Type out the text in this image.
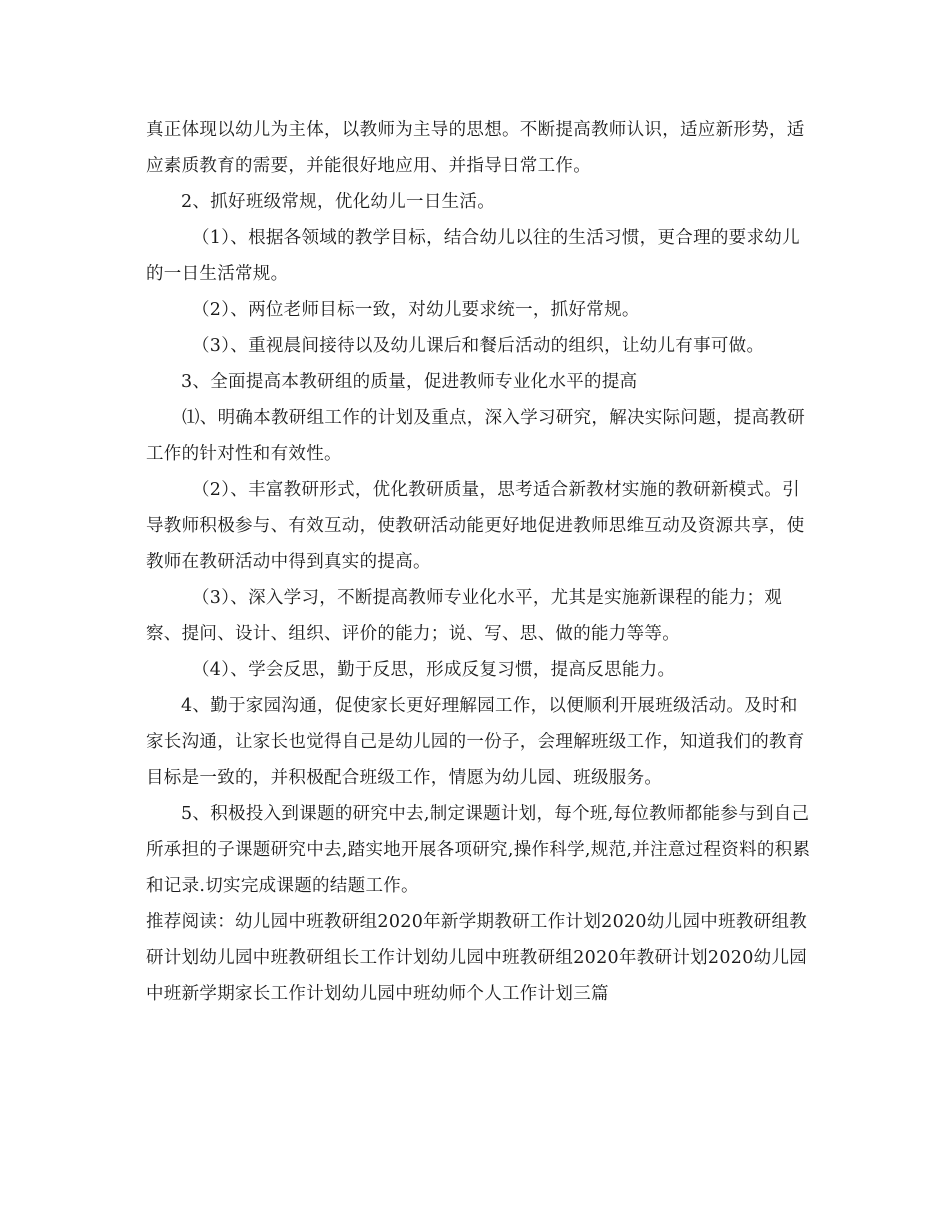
真正体现以幼儿为主体，以教师为主导的思想。不断提高教师认识，适应新形势，适应素质教育的需要，并能很好地应用、并指导日常工作。

2、抓好班级常规，优化幼儿一日生活。

（1）、根据各领域的教学目标，结合幼儿以往的生活习惯，更合理的要求幼儿的一日生活常规。

（2）、两位老师目标一致，对幼儿要求统一，抓好常规。

（3）、重视晨间接待以及幼儿课后和餐后活动的组织，让幼儿有事可做。

3、全面提高本教研组的质量，促进教师专业化水平的提高

⑴、明确本教研组工作的计划及重点，深入学习研究，解决实际问题，提高教研工作的针对性和有效性。

（2）、丰富教研形式，优化教研质量，思考适合新教材实施的教研新模式。引导教师积极参与、有效互动，使教研活动能更好地促进教师思维互动及资源共享，使教师在教研活动中得到真实的提高。

（3）、深入学习，不断提高教师专业化水平，尤其是实施新课程的能力；观察、提问、设计、组织、评价的能力；说、写、思、做的能力等等。

（4）、学会反思，勤于反思，形成反复习惯，提高反思能力。

4、勤于家园沟通，促使家长更好理解园工作，以便顺利开展班级活动。及时和家长沟通，让家长也觉得自己是幼儿园的一份子，会理解班级工作，知道我们的教育目标是一致的，并积极配合班级工作，情愿为幼儿园、班级服务。

5、积极投入到课题的研究中去,制定课题计划，每个班,每位教师都能参与到自己所承担的子课题研究中去,踏实地开展各项研究,操作科学,规范,并注意过程资料的积累和记录.切实完成课题的结题工作。

推荐阅读：幼儿园中班教研组2020年新学期教研工作计划2020幼儿园中班教研组教研计划幼儿园中班教研组长工作计划幼儿园中班教研组2020年教研计划2020幼儿园中班新学期家长工作计划幼儿园中班幼师个人工作计划三篇
